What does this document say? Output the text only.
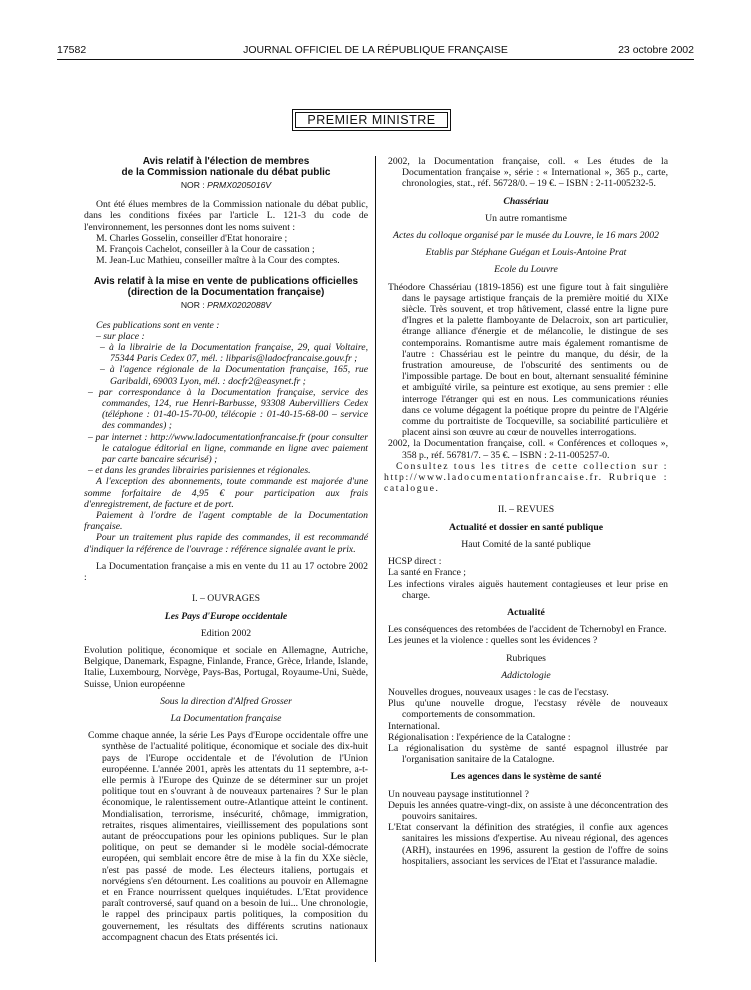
17582	JOURNAL OFFICIEL DE LA RÉPUBLIQUE FRANÇAISE	23 octobre 2002
PREMIER MINISTRE

Avis relatif à l'élection de membres

de la Commission nationale du débat public

NOR : PRMX0205016V

Ont été élues membres de la Commission nationale du débat public, dans les conditions fixées par l'article L. 121-3 du code de l'environnement, les personnes dont les noms suivent :

M. Charles Gosselin, conseiller d'Etat honoraire ;

M. François Cachelot, conseiller à la Cour de cassation ;

M. Jean-Luc Mathieu, conseiller maître à la Cour des comptes.

Avis relatif à la mise en vente de publications officielles

(direction de la Documentation française)

NOR : PRMX0202088V

Ces publications sont en vente :

– sur place :

– à la librairie de la Documentation française, 29, quai Voltaire, 75344 Paris Cedex 07, mél. : libparis@ladocfrancaise.gouv.fr ;

– à l'agence régionale de la Documentation française, 165, rue Garibaldi, 69003 Lyon, mél. : docfr2@easynet.fr ;

– par correspondance à la Documentation française, service des commandes, 124, rue Henri-Barbusse, 93308 Aubervilliers Cedex (téléphone : 01-40-15-70-00, télécopie : 01-40-15-68-00 – service des commandes) ;

– par internet : http://www.ladocumentationfrancaise.fr (pour consulter le catalogue éditorial en ligne, commande en ligne avec paiement par carte bancaire sécurisé) ;

– et dans les grandes librairies parisiennes et régionales.

A l'exception des abonnements, toute commande est majorée d'une somme forfaitaire de 4,95 € pour participation aux frais d'enregistrement, de facture et de port.

Paiement à l'ordre de l'agent comptable de la Documentation française.

Pour un traitement plus rapide des commandes, il est recommandé d'indiquer la référence de l'ouvrage : référence signalée avant le prix.

La Documentation française a mis en vente du 11 au 17 octobre 2002 :

I. – OUVRAGES

Les Pays d'Europe occidentale

Edition 2002

Evolution politique, économique et sociale en Allemagne, Autriche, Belgique, Danemark, Espagne, Finlande, France, Grèce, Irlande, Islande, Italie, Luxembourg, Norvège, Pays-Bas, Portugal, Royaume-Uni, Suède, Suisse, Union européenne

Sous la direction d'Alfred Grosser

La Documentation française

Comme chaque année, la série Les Pays d'Europe occidentale offre une synthèse de l'actualité politique, économique et sociale des dix-huit pays de l'Europe occidentale et de l'évolution de l'Union européenne. L'année 2001, après les attentats du 11 septembre, a-t-elle permis à l'Europe des Quinze de se déterminer sur un projet politique tout en s'ouvrant à de nouveaux partenaires ? Sur le plan économique, le ralentissement outre-Atlantique atteint le continent. Mondialisation, terrorisme, insécurité, chômage, immigration, retraites, risques alimentaires, vieillissement des populations sont autant de préoccupations pour les opinions publiques. Sur le plan politique, on peut se demander si le modèle social-démocrate européen, qui semblait encore être de mise à la fin du XXe siècle, n'est pas passé de mode. Les électeurs italiens, portugais et norvégiens s'en détournent. Les coalitions au pouvoir en Allemagne et en France nourrissent quelques inquiétudes. L'Etat providence paraît controversé, sauf quand on a besoin de lui... Une chronologie, le rappel des principaux partis politiques, la composition du gouvernement, les résultats des différents scrutins nationaux accompagnent chacun des Etats présentés ici.

2002, la Documentation française, coll. « Les études de la Documentation française », série : « International », 365 p., carte, chronologies, stat., réf. 56728/0. – 19 €. – ISBN : 2-11-005232-5.

Chassériau

Un autre romantisme

Actes du colloque organisé par le musée du Louvre, le 16 mars 2002

Etablis par Stéphane Guégan et Louis-Antoine Prat

Ecole du Louvre

Théodore Chassériau (1819-1856) est une figure tout à fait singulière dans le paysage artistique français de la première moitié du XIXe siècle. Très souvent, et trop hâtivement, classé entre la ligne pure d'Ingres et la palette flamboyante de Delacroix, son art particulier, étrange alliance d'énergie et de mélancolie, le distingue de ses contemporains. Romantisme autre mais également romantisme de l'autre : Chassériau est le peintre du manque, du désir, de la frustration amoureuse, de l'obscurité des sentiments ou de l'impossible partage. De bout en bout, alternant sensualité féminine et ambiguïté virile, sa peinture est exotique, au sens premier : elle interroge l'étranger qui est en nous. Les communications réunies dans ce volume dégagent la poétique propre du peintre de l'Algérie comme du portraitiste de Tocqueville, sa sociabilité particulière et placent ainsi son œuvre au cœur de nouvelles interrogations.

2002, la Documentation française, coll. « Conférences et colloques », 358 p., réf. 56781/7. – 35 €. – ISBN : 2-11-005257-0.

Consultez tous les titres de cette collection sur : http://www.ladocumentationfrancaise.fr. Rubrique : catalogue.

II. – REVUES

Actualité et dossier en santé publique

Haut Comité de la santé publique

HCSP direct :

La santé en France ;

Les infections virales aiguës hautement contagieuses et leur prise en charge.

Actualité

Les conséquences des retombées de l'accident de Tchernobyl en France.

Les jeunes et la violence : quelles sont les évidences ?

Rubriques

Addictologie

Nouvelles drogues, nouveaux usages : le cas de l'ecstasy.

Plus qu'une nouvelle drogue, l'ecstasy révèle de nouveaux comportements de consommation.

International.

Régionalisation : l'expérience de la Catalogne :

La régionalisation du système de santé espagnol illustrée par l'organisation sanitaire de la Catalogne.

Les agences dans le système de santé

Un nouveau paysage institutionnel ?

Depuis les années quatre-vingt-dix, on assiste à une déconcentration des pouvoirs sanitaires.

L'Etat conservant la définition des stratégies, il confie aux agences sanitaires les missions d'expertise. Au niveau régional, des agences (ARH), instaurées en 1996, assurent la gestion de l'offre de soins hospitaliers, associant les services de l'Etat et l'assurance maladie.
